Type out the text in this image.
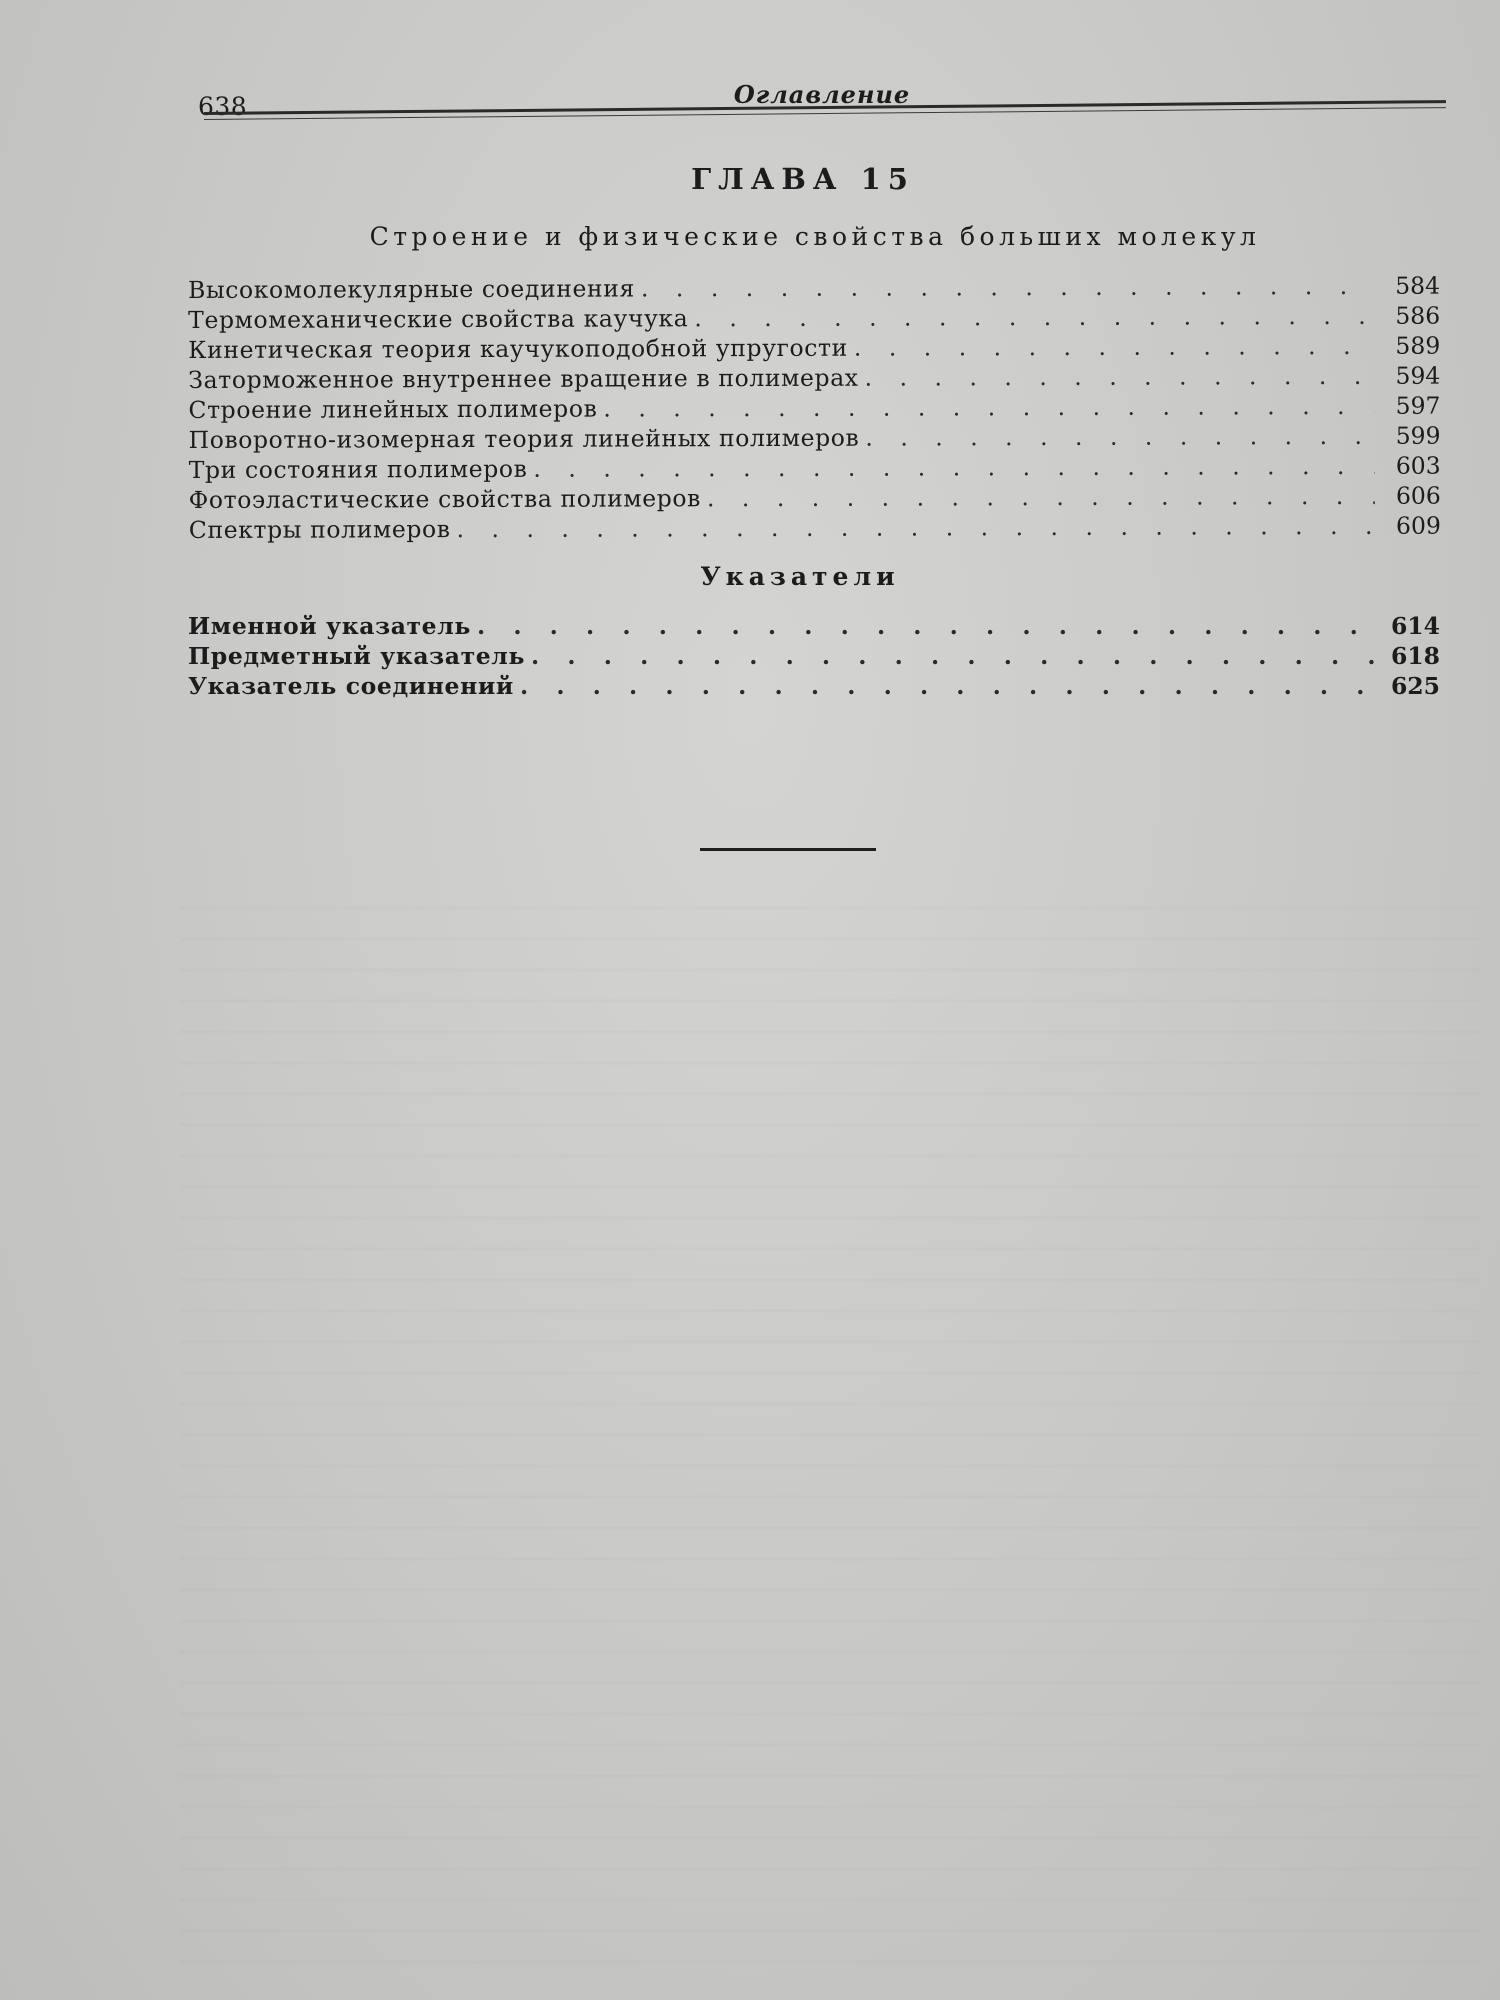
638	Оглавление
ГЛАВА 15
Строение и физические свойства больших молекул
Высокомолекулярные соединения . . .	584
Термомеханические свойства каучука . . .	586
Кинетическая теория каучукоподобной упругости . . .	589
Заторможенное внутреннее вращение в полимерах . . .	594
Строение линейных полимеров . . .	597
Поворотно-изомерная теория линейных полимеров . . .	599
Три состояния полимеров . . .	603
Фотоэластические свойства полимеров . . .	606
Спектры полимеров . . .	609
Указатели
Именной указатель . . .	614
Предметный указатель . . .	618
Указатель соединений . . .	625
